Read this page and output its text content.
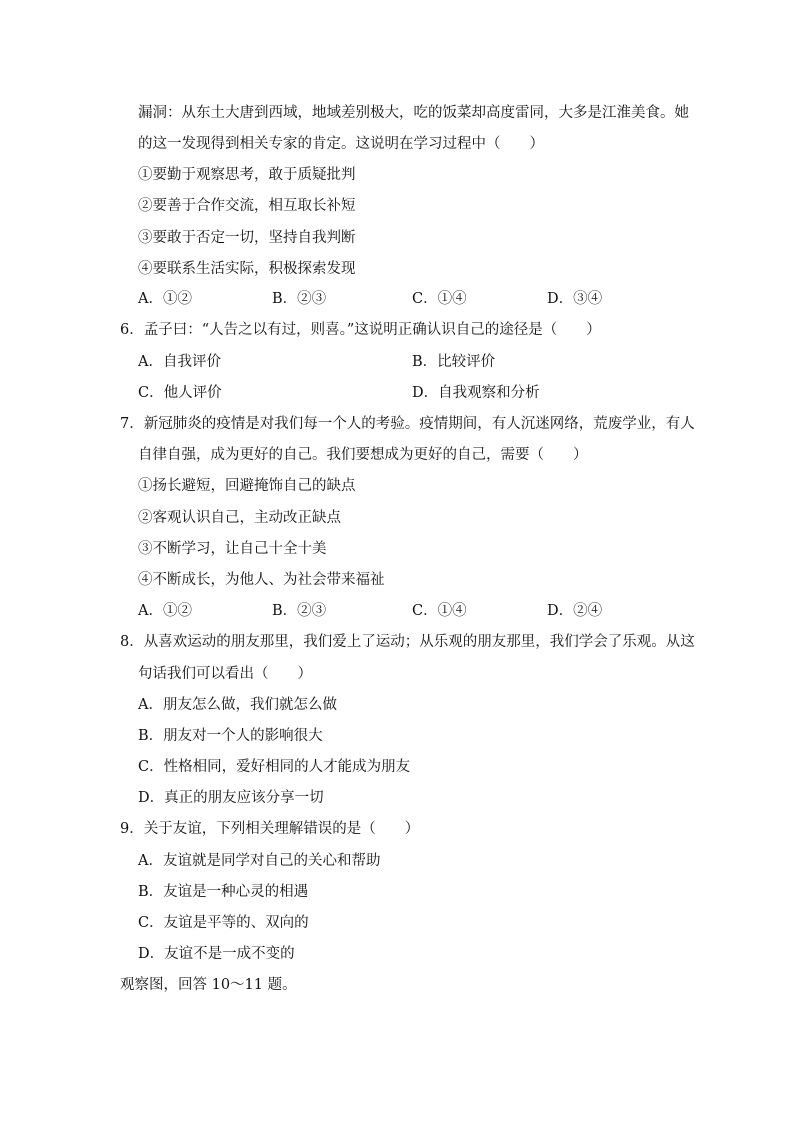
漏洞：从东土大唐到西域，地域差别极大，吃的饭菜却高度雷同，大多是江淮美食。她
的这一发现得到相关专家的肯定。这说明在学习过程中（　　）
①要勤于观察思考，敢于质疑批判
②要善于合作交流，相互取长补短
③要敢于否定一切，坚持自我判断
④要联系生活实际，积极探索发现
A．①②	B．②③	C．①④	D．③④
6．孟子曰：“人告之以有过，则喜。”这说明正确认识自己的途径是（　　）
A．自我评价	B．比较评价
C．他人评价	D．自我观察和分析
7．新冠肺炎的疫情是对我们每一个人的考验。疫情期间，有人沉迷网络，荒废学业，有人
自律自强，成为更好的自己。我们要想成为更好的自己，需要（　　）
①扬长避短，回避掩饰自己的缺点
②客观认识自己，主动改正缺点
③不断学习，让自己十全十美
④不断成长，为他人、为社会带来福祉
A．①②	B．②③	C．①④	D．②④
8．从喜欢运动的朋友那里，我们爱上了运动；从乐观的朋友那里，我们学会了乐观。从这
句话我们可以看出（　　）
A．朋友怎么做，我们就怎么做
B．朋友对一个人的影响很大
C．性格相同，爱好相同的人才能成为朋友
D．真正的朋友应该分享一切
9．关于友谊，下列相关理解错误的是（　　）
A．友谊就是同学对自己的关心和帮助
B．友谊是一种心灵的相遇
C．友谊是平等的、双向的
D．友谊不是一成不变的
观察图，回答 10～11 题。
